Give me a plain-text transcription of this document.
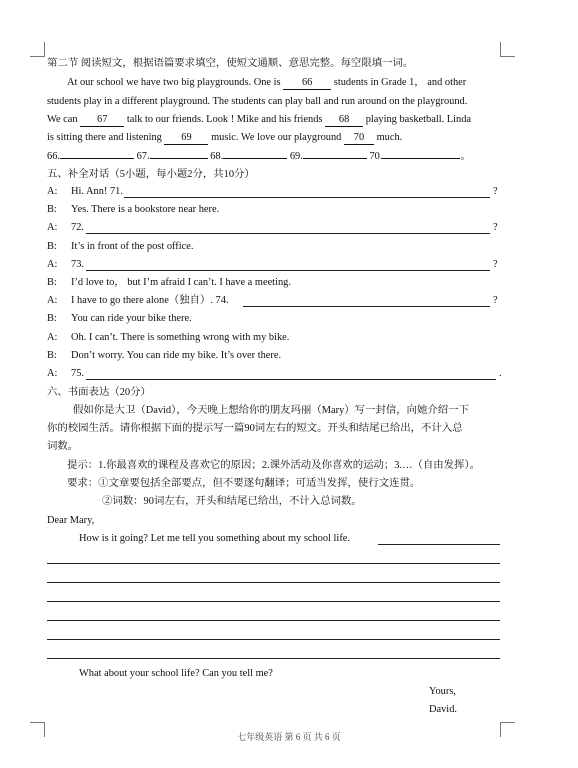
第二节 阅读短文，根据语篇要求填空，使短文通顺、意思完整。每空限填一词。
At our school we have two big playgrounds. One is 66 students in Grade 1， and other
students play in a different playground. The students can play ball and run around on the playground.
We can 67 talk to our friends. Look ! Mike and his friends 68 playing basketball. Linda
is sitting there and listening 69 music. We love our playground 70 much.
66.	67.	68.	69.	70.	。
五、补全对话（5小题，每小题2分，共10分）
A: Hi. Ann! 71.	?
B: Yes. There is a bookstore near here.
A: 72.	?
B: It’s in front of the post office.
A: 73.	?
B: I’d love to， but I’m afraid I can’t. I have a meeting.
A: I have to go there alone（独自）. 74.	?
B: You can ride your bike there.
A: Oh. I can’t. There is something wrong with my bike.
B: Don’t worry. You can ride my bike. It’s over there.
A: 75.	.
六、书面表达（20分）
假如你是大卫（David），今天晚上想给你的朋友玛丽（Mary）写一封信，向她介绍一下
你的校园生活。请你根据下面的提示写一篇90词左右的短文。开头和结尾已给出，不计入总
词数。
提示：1.你最喜欢的课程及喜欢它的原因；2.课外活动及你喜欢的运动；3.…（自由发挥）。
要求：①文章要包括全部要点，但不要逐句翻译；可适当发挥，使行文连贯。
②词数：90词左右，开头和结尾已给出，不计入总词数。
Dear Mary,
How is it going? Let me tell you something about my school life.
What about your school life? Can you tell me?
Yours,
David.
七年级英语 第 6 页 共 6 页
